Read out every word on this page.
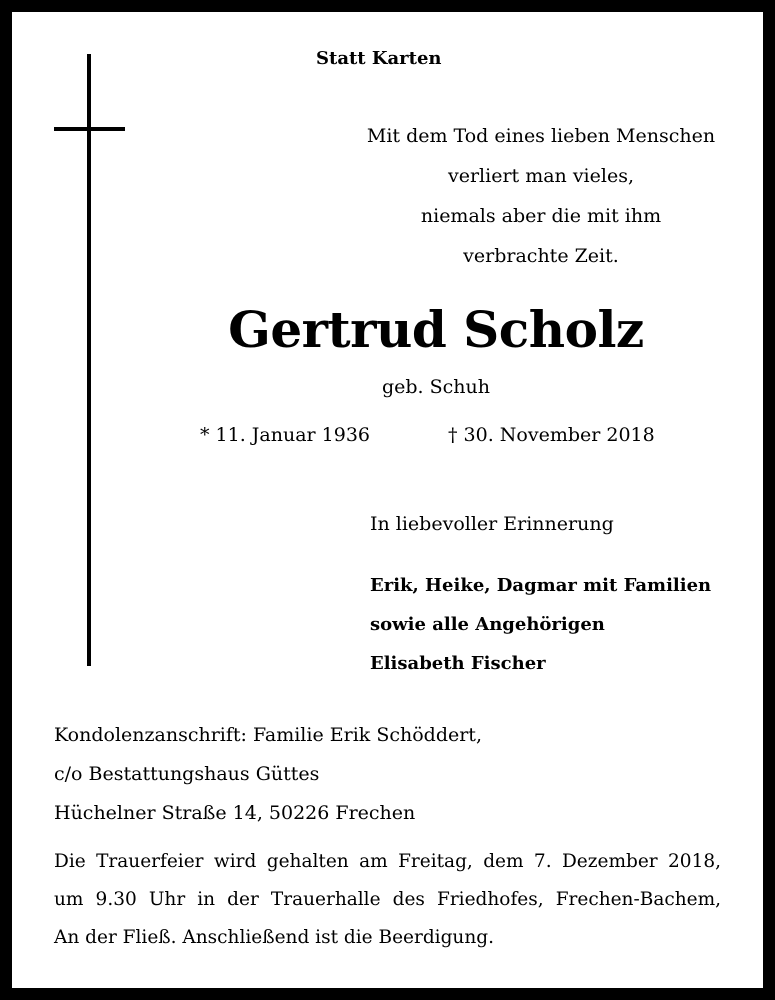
Statt Karten
Mit dem Tod eines lieben Menschen
verliert man vieles,
niemals aber die mit ihm
verbrachte Zeit.
Gertrud Scholz
geb. Schuh
* 11. Januar 1936	† 30. November 2018
In liebevoller Erinnerung
Erik, Heike, Dagmar mit Familien
sowie alle Angehörigen
Elisabeth Fischer
Kondolenzanschrift: Familie Erik Schöddert,
c/o Bestattungshaus Güttes
Hüchelner Straße 14, 50226 Frechen
Die Trauerfeier wird gehalten am Freitag, dem 7. Dezember 2018,
um 9.30 Uhr in der Trauerhalle des Friedhofes, Frechen-Bachem,
An der Fließ. Anschließend ist die Beerdigung.
